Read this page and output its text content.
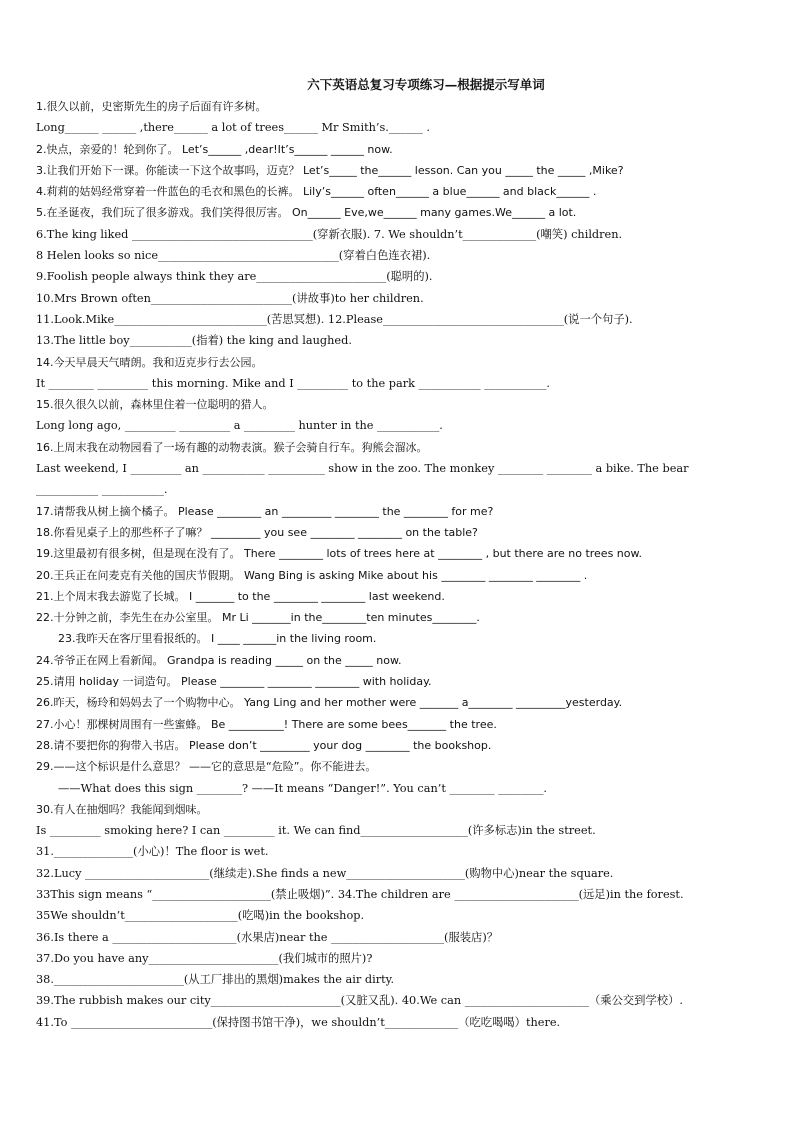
六下英语总复习专项练习—根据提示写单词
1.很久以前，史密斯先生的房子后面有许多树。
Long______ ______ ,there______ a lot of trees______ Mr Smith’s.______ .
2.快点，亲爱的！轮到你了。 Let’s______ ,dear!It’s______ ______ now.
3.让我们开始下一课。你能读一下这个故事吗，迈克？ Let’s_____ the______ lesson. Can you _____ the _____ ,Mike?
4.莉莉的姑妈经常穿着一件蓝色的毛衣和黑色的长裤。 Lily’s______ often______ a blue______ and black______ .
5.在圣诞夜，我们玩了很多游戏。我们笑得很厉害。 On______ Eve,we______ many games.We______ a lot.
6.The king liked ________________________________(穿新衣服). 7. We shouldn’t_____________(嘲笑) children.
8 Helen looks so nice________________________________(穿着白色连衣裙).
9.Foolish people always think they are_______________________(聪明的).
10.Mrs Brown often_________________________(讲故事)to her children.
11.Look.Mike___________________________(苦思冥想). 12.Please________________________________(说一个句子).
13.The little boy___________(指着) the king and laughed.
14.今天早晨天气晴朗。我和迈克步行去公园。
It ________ _________ this morning. Mike and I _________ to the park ___________ ___________.
15.很久很久以前，森林里住着一位聪明的猎人。
Long long ago, _________ _________ a _________ hunter in the ___________.
16.上周末我在动物园看了一场有趣的动物表演。猴子会骑自行车。狗熊会溜冰。
Last weekend, I _________ an ___________ __________ show in the zoo. The monkey ________ ________ a bike. The bear
___________ ___________.
17.请帮我从树上摘个橘子。 Please ________ an _________ ________ the ________ for me?
18.你看见桌子上的那些杯子了嘛？ _________ you see ________ ________ on the table?
19.这里最初有很多树，但是现在没有了。 There ________ lots of trees here at ________ , but there are no trees now.
20.王兵正在问麦克有关他的国庆节假期。 Wang Bing is asking Mike about his ________ ________ ________ .
21.上个周末我去游览了长城。 I _______ to the ________ ________ last weekend.
22.十分钟之前，李先生在办公室里。 Mr Li _______in the________ten minutes________.
23.我昨天在客厅里看报纸的。 I ____ ______in the living room.
24.爷爷正在网上看新闻。 Grandpa is reading _____ on the _____ now.
25.请用 holiday 一词造句。 Please ________ ________ ________ with holiday.
26.昨天，杨玲和妈妈去了一个购物中心。 Yang Ling and her mother were _______ a________ _________yesterday.
27.小心！那棵树周围有一些蜜蜂。 Be __________! There are some bees_______ the tree.
28.请不要把你的狗带入书店。 Please don’t _________ your dog ________ the bookshop.
29.——这个标识是什么意思？ ——它的意思是“危险”。你不能进去。
——What does this sign ________? ——It means “Danger!”. You can’t ________ ________.
30.有人在抽烟吗？我能闻到烟味。
Is _________ smoking here? I can _________ it. We can find___________________(许多标志)in the street.
31.______________(小心)！The floor is wet.
32.Lucy ______________________(继续走).She finds a new_____________________(购物中心)near the square.
33This sign means “_____________________(禁止吸烟)”. 34.The children are ______________________(远足)in the forest.
35We shouldn’t____________________(吃喝)in the bookshop.
36.Is there a ______________________(水果店)near the ____________________(服装店)？
37.Do you have any_______________________(我们城市的照片)?
38._______________________(从工厂排出的黑烟)makes the air dirty.
39.The rubbish makes our city_______________________(又脏又乱). 40.We can ______________________（乘公交到学校）.
41.To _________________________(保持图书馆干净)，we shouldn’t_____________（吃吃喝喝）there.
